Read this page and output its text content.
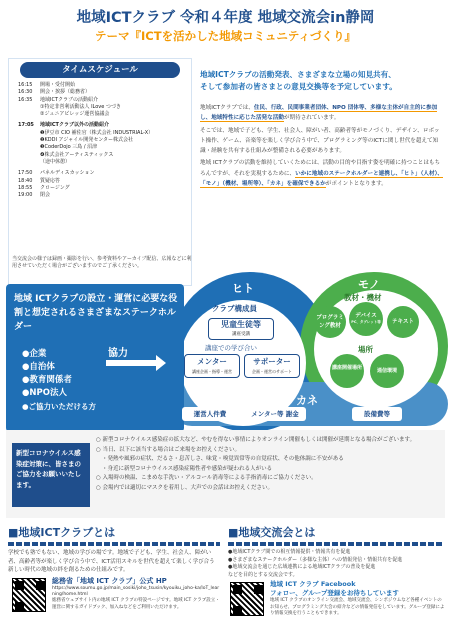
地域ICTクラブ 令和４年度 地域交流会in静岡
テーマ『ICTを活かした地域コミュニティづくり』
タイムスケジュール
16:15	開場・受付開始
16:30	開会・挨拶（総務省）
16:35	地域ICTクラブの活動紹介
①特定非営利活動法人 ILove つづき
②ジュニアビレッジ運営協議会
17:05	地域ICTクラブ以外の活動紹介
❶伊豆市 CIO 補佐官（株式会社 INDUSTRIAL-X）
❷KDDI アジャイル開発センター株式会社
❸CoderDojo 三島 / 沼津
❹株式会社アーティスティックス
（途中休憩）
17:50	パネルディスカッション
18:40	質疑応答
18:55	クロージング
19:00	閉会
当交流会の様子は録画・撮影を行い、参考資料やアーカイブ配信、広報などに利用させていただく場合がございますのでご了承ください。
地域ICTクラブの活動発表、さまざまな立場の知見共有、
そして参加者の皆さまとの意見交換等を予定しています。

地域ICTクラブでは、住民、行政、民間事業者団体、NPO 団体等、多様な主体が自主的に参加し、地域特性に応じた活発な活動が期待されています。

そこでは、地域で子ども、学生、社会人、障がい者、高齢者等がモノづくり、デザイン、ロボット操作、ゲーム、音楽等を楽しく学び合う中で、プログラミング等のICTに関し世代を超えて知識・経験を共有する仕組みが整備される必要があります。

地域 ICTクラブの活動を維持していくためには、活動の目的や目指す姿を明確に持つことはもちろんですが、それを実現するために、いかに地域のステークホルダーと連携し、「ヒト」（人材）、「モノ」（機材、場所等）、「カネ」を確保できるかがポイントとなります。

地域 ICTクラブの設立・運営に必要な役割と想定されるさまざまなステークホルダー
●企業
●自治体
●教育関係者
●NPO法人
●ご協力いただける方
協力
ヒト	モノ
カネ
クラブ構成員
児童生徒等
講座受講
講座での学び合い
メンター
講座企画・指導・運営
サポーター
企画・運営のサポート
教材・機材
プログラミング教材
デバイス
PC、タブレット等	テキスト
場所
講座開催場所	通信環境
運営人件費	メンター等 謝金	設備費等
新型コロナウイルス感染症対策に、皆さまのご協力をお願いいたします。
○ 新型コロナウイルス感染症の拡大など、やむを得ない事情によりオンライン開催もしくは開催が延期となる場合がございます。
○ 当日、以下に該当する場合はご来場をお控えください。
・発熱や風邪の症状、だるさ・息苦しさ、味覚・嗅覚異常等の自覚症状、その他体調に不安がある
・身近に新型コロナウイルス感染症陽性者や感染が疑われる人がいる
○ 入場時の検温、こまめな手洗い・アルコール消毒等による手指消毒にご協力ください。
○ 会場内では適切にマスクを着用し、大声での会話はお控えください。
■地域ICTクラブとは
学校でも塾でもない、地域の学びの場です。地域で子ども、学生、社会人、障がい者、高齢者等が楽しく学び合う中で、ICT活用スキルを世代を超えて楽しく学び合う新しい時代の地域の絆を創るための仕組みです。
総務省「地域 ICT クラブ」公式 HP
https://www.soumu.go.jp/main_sosiki/joho_tsusin/kyouiku_joho-ka/IoT_learning/home.html
総務省ウェブサイト内の地域 ICT クラブの特設ページです。地域 ICT クラブ設立・運営に関するガイドブック、加入ねなどをご利用いただけます。
■地域交流会とは
●地域ICTクラブ間での相互情報提供・情報共有を促進
●さまざまなステークホルダー（多様な主体）への情報発信・情報共有を促進
●地域交流会を通じた広域連携による地域ICTクラブの普及を促進
などを目的とする交流会です。
地域 ICT クラブ Facebook
フォロー、グループ登録をお待ちしています
地域 ICT クラブのオンライン交流会、地域交流会、シンポジウムなど各種イベントのお知らせ、プログラミング大会の紹介などの情報発信をしています。グループ登録により情報交換を行うこともできます。
